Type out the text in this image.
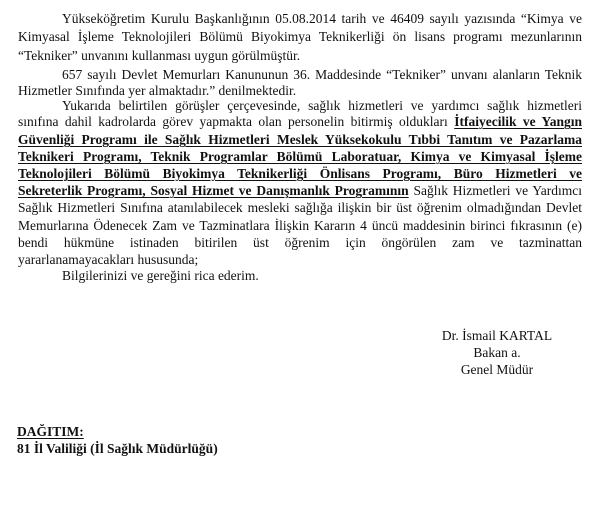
Yükseköğretim Kurulu Başkanlığının 05.08.2014 tarih ve 46409 sayılı yazısında “Kimya ve
Kimyasal İşleme Teknolojileri Bölümü Biyokimya Teknikerliği ön lisans programı mezunlarının
“Tekniker” unvanını kullanması uygun görülmüştür.
657 sayılı Devlet Memurları Kanununun 36. Maddesinde “Tekniker” unvanı alanların Teknik
Hizmetler Sınıfında yer almaktadır.” denilmektedir.
Yukarıda belirtilen görüşler çerçevesinde, sağlık hizmetleri ve yardımcı sağlık hizmetleri
sınıfına dahil kadrolarda görev yapmakta olan personelin bitirmiş oldukları İtfaiyecilik ve Yangın
Güvenliği Programı ile Sağlık Hizmetleri Meslek Yüksekokulu Tıbbi Tanıtım ve Pazarlama
Teknikeri Programı, Teknik Programlar Bölümü Laboratuar, Kimya ve Kimyasal İşleme
Teknolojileri Bölümü Biyokimya Teknikerliği Önlisans Programı, Büro Hizmetleri ve
Sekreterlik Programı, Sosyal Hizmet ve Danışmanlık Programının Sağlık Hizmetleri ve Yardımcı
Sağlık Hizmetleri Sınıfına atanılabilecek mesleki sağlığa ilişkin bir üst öğrenim olmadığından Devlet
Memurlarına Ödenecek Zam ve Tazminatlara İlişkin Kararın 4 üncü maddesinin birinci fıkrasının (e)
bendi hükmüne istinaden bitirilen üst öğrenim için öngörülen zam ve tazminattan
yararlanamayacakları hususunda;
Bilgilerinizi ve gereğini rica ederim.
Dr. İsmail KARTAL
Bakan a.
Genel Müdür
DAĞITIM:
81 İl Valiliği (İl Sağlık Müdürlüğü)
